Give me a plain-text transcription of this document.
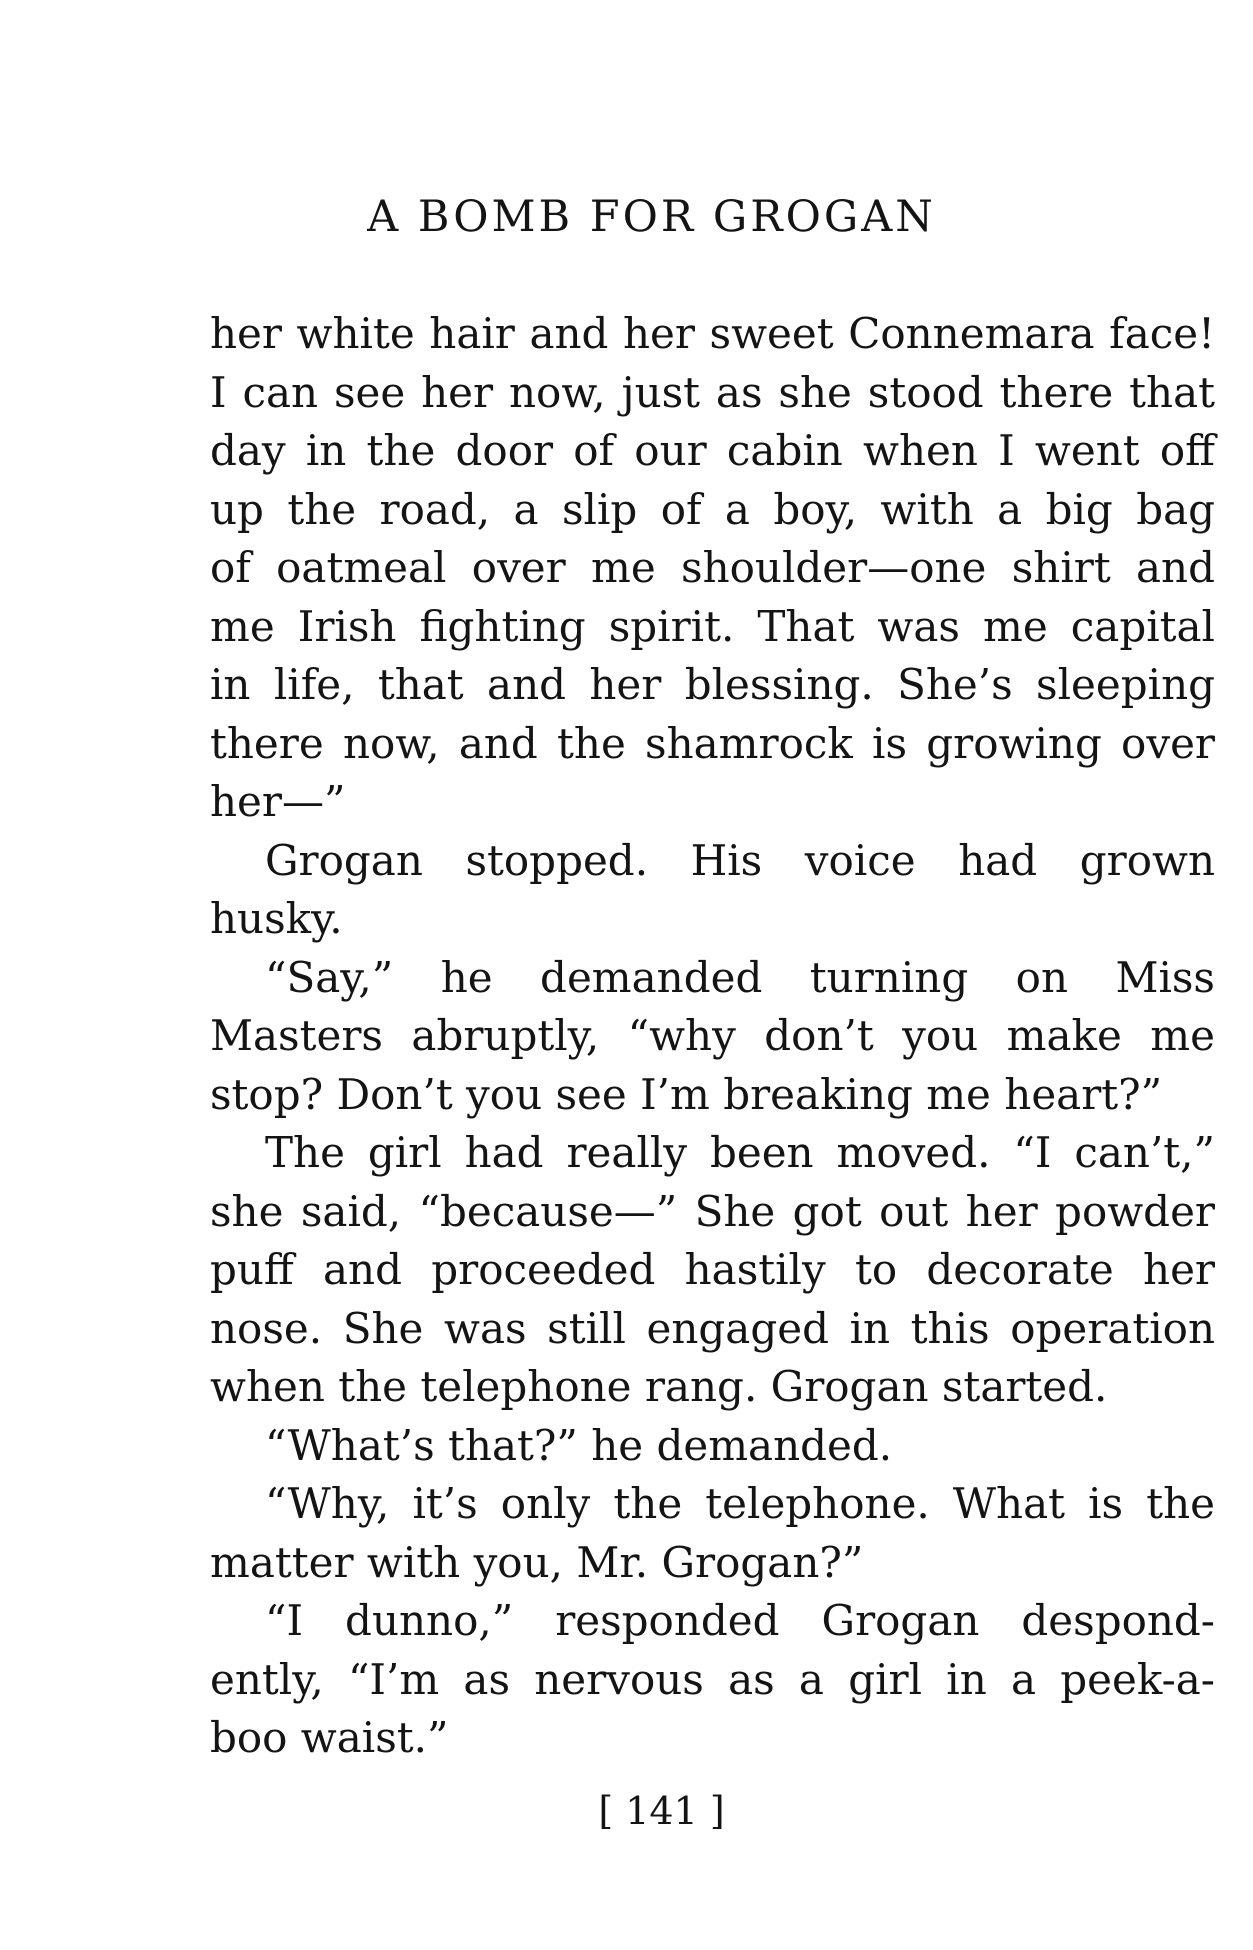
A BOMB FOR GROGAN
her white hair and her sweet Connemara face!
I can see her now, just as she stood there that
day in the door of our cabin when I went off
up the road, a slip of a boy, with a big bag
of oatmeal over me shoulder—one shirt and
me Irish fighting spirit. That was me capital
in life, that and her blessing. She’s sleeping
there now, and the shamrock is growing over
her—”
Grogan stopped. His voice had grown
husky.
“Say,” he demanded turning on Miss
Masters abruptly, “why don’t you make me
stop? Don’t you see I’m breaking me heart?”
The girl had really been moved. “I can’t,”
she said, “because—” She got out her powder
puff and proceeded hastily to decorate her
nose. She was still engaged in this operation
when the telephone rang. Grogan started.
“What’s that?” he demanded.
“Why, it’s only the telephone. What is the
matter with you, Mr. Grogan?”
“I dunno,” responded Grogan despond-
ently, “I’m as nervous as a girl in a peek-a-
boo waist.”
[ 141 ]
